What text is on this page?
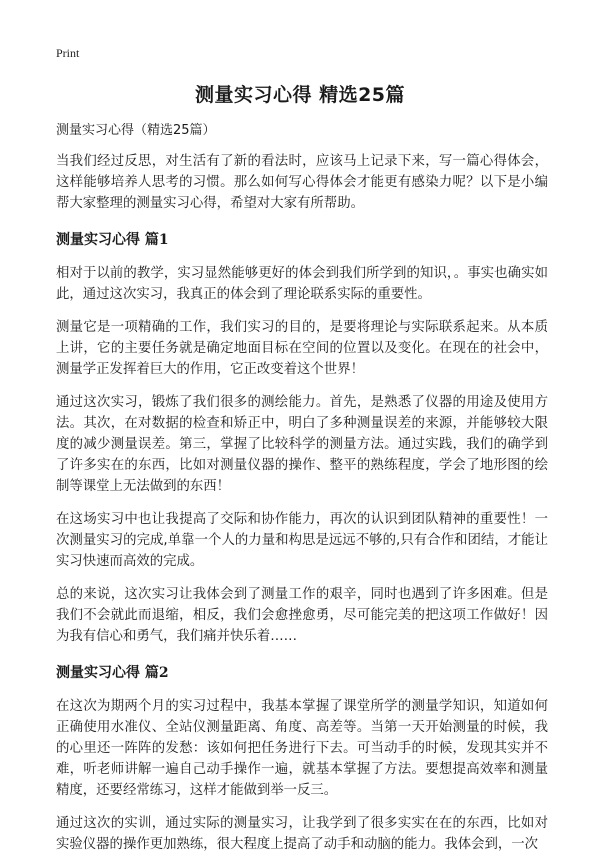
Print
测量实习心得 精选25篇

测量实习心得（精选25篇）

当我们经过反思，对生活有了新的看法时，应该马上记录下来，写一篇心得体会，这样能够培养人思考的习惯。那么如何写心得体会才能更有感染力呢？以下是小编帮大家整理的测量实习心得，希望对大家有所帮助。

测量实习心得 篇1

相对于以前的教学，实习显然能够更好的体会到我们所学到的知识，。事实也确实如此，通过这次实习，我真正的体会到了理论联系实际的重要性。

测量它是一项精确的工作，我们实习的目的，是要将理论与实际联系起来。从本质上讲，它的主要任务就是确定地面目标在空间的位置以及变化。在现在的社会中，测量学正发挥着巨大的作用，它正改变着这个世界！

通过这次实习，锻炼了我们很多的测绘能力。首先，是熟悉了仪器的用途及使用方法。其次，在对数据的检查和矫正中，明白了多种测量误差的来源，并能够较大限度的减少测量误差。第三，掌握了比较科学的测量方法。通过实践，我们的确学到了许多实在的东西，比如对测量仪器的操作、整平的熟练程度，学会了地形图的绘制等课堂上无法做到的东西！

在这场实习中也让我提高了交际和协作能力，再次的认识到团队精神的重要性！一次测量实习的完成,单靠一个人的力量和构思是远远不够的,只有合作和团结，才能让实习快速而高效的完成。

总的来说，这次实习让我体会到了测量工作的艰辛，同时也遇到了许多困难。但是我们不会就此而退缩，相反，我们会愈挫愈勇，尽可能完美的把这项工作做好！因为我有信心和勇气，我们痛并快乐着……

测量实习心得 篇2

在这次为期两个月的实习过程中，我基本掌握了课堂所学的测量学知识，知道如何正确使用水准仪、全站仪测量距离、角度、高差等。当第一天开始测量的时候，我的心里还一阵阵的发愁：该如何把任务进行下去。可当动手的时候，发现其实并不难，听老师讲解一遍自己动手操作一遍，就基本掌握了方法。要想提高效率和测量精度，还要经常练习，这样才能做到举一反三。

通过这次的实训，通过实际的测量实习，让我学到了很多实实在在的东西，比如对实验仪器的操作更加熟练，很大程度上提高了动手和动脑的能力。我体会到，一次
